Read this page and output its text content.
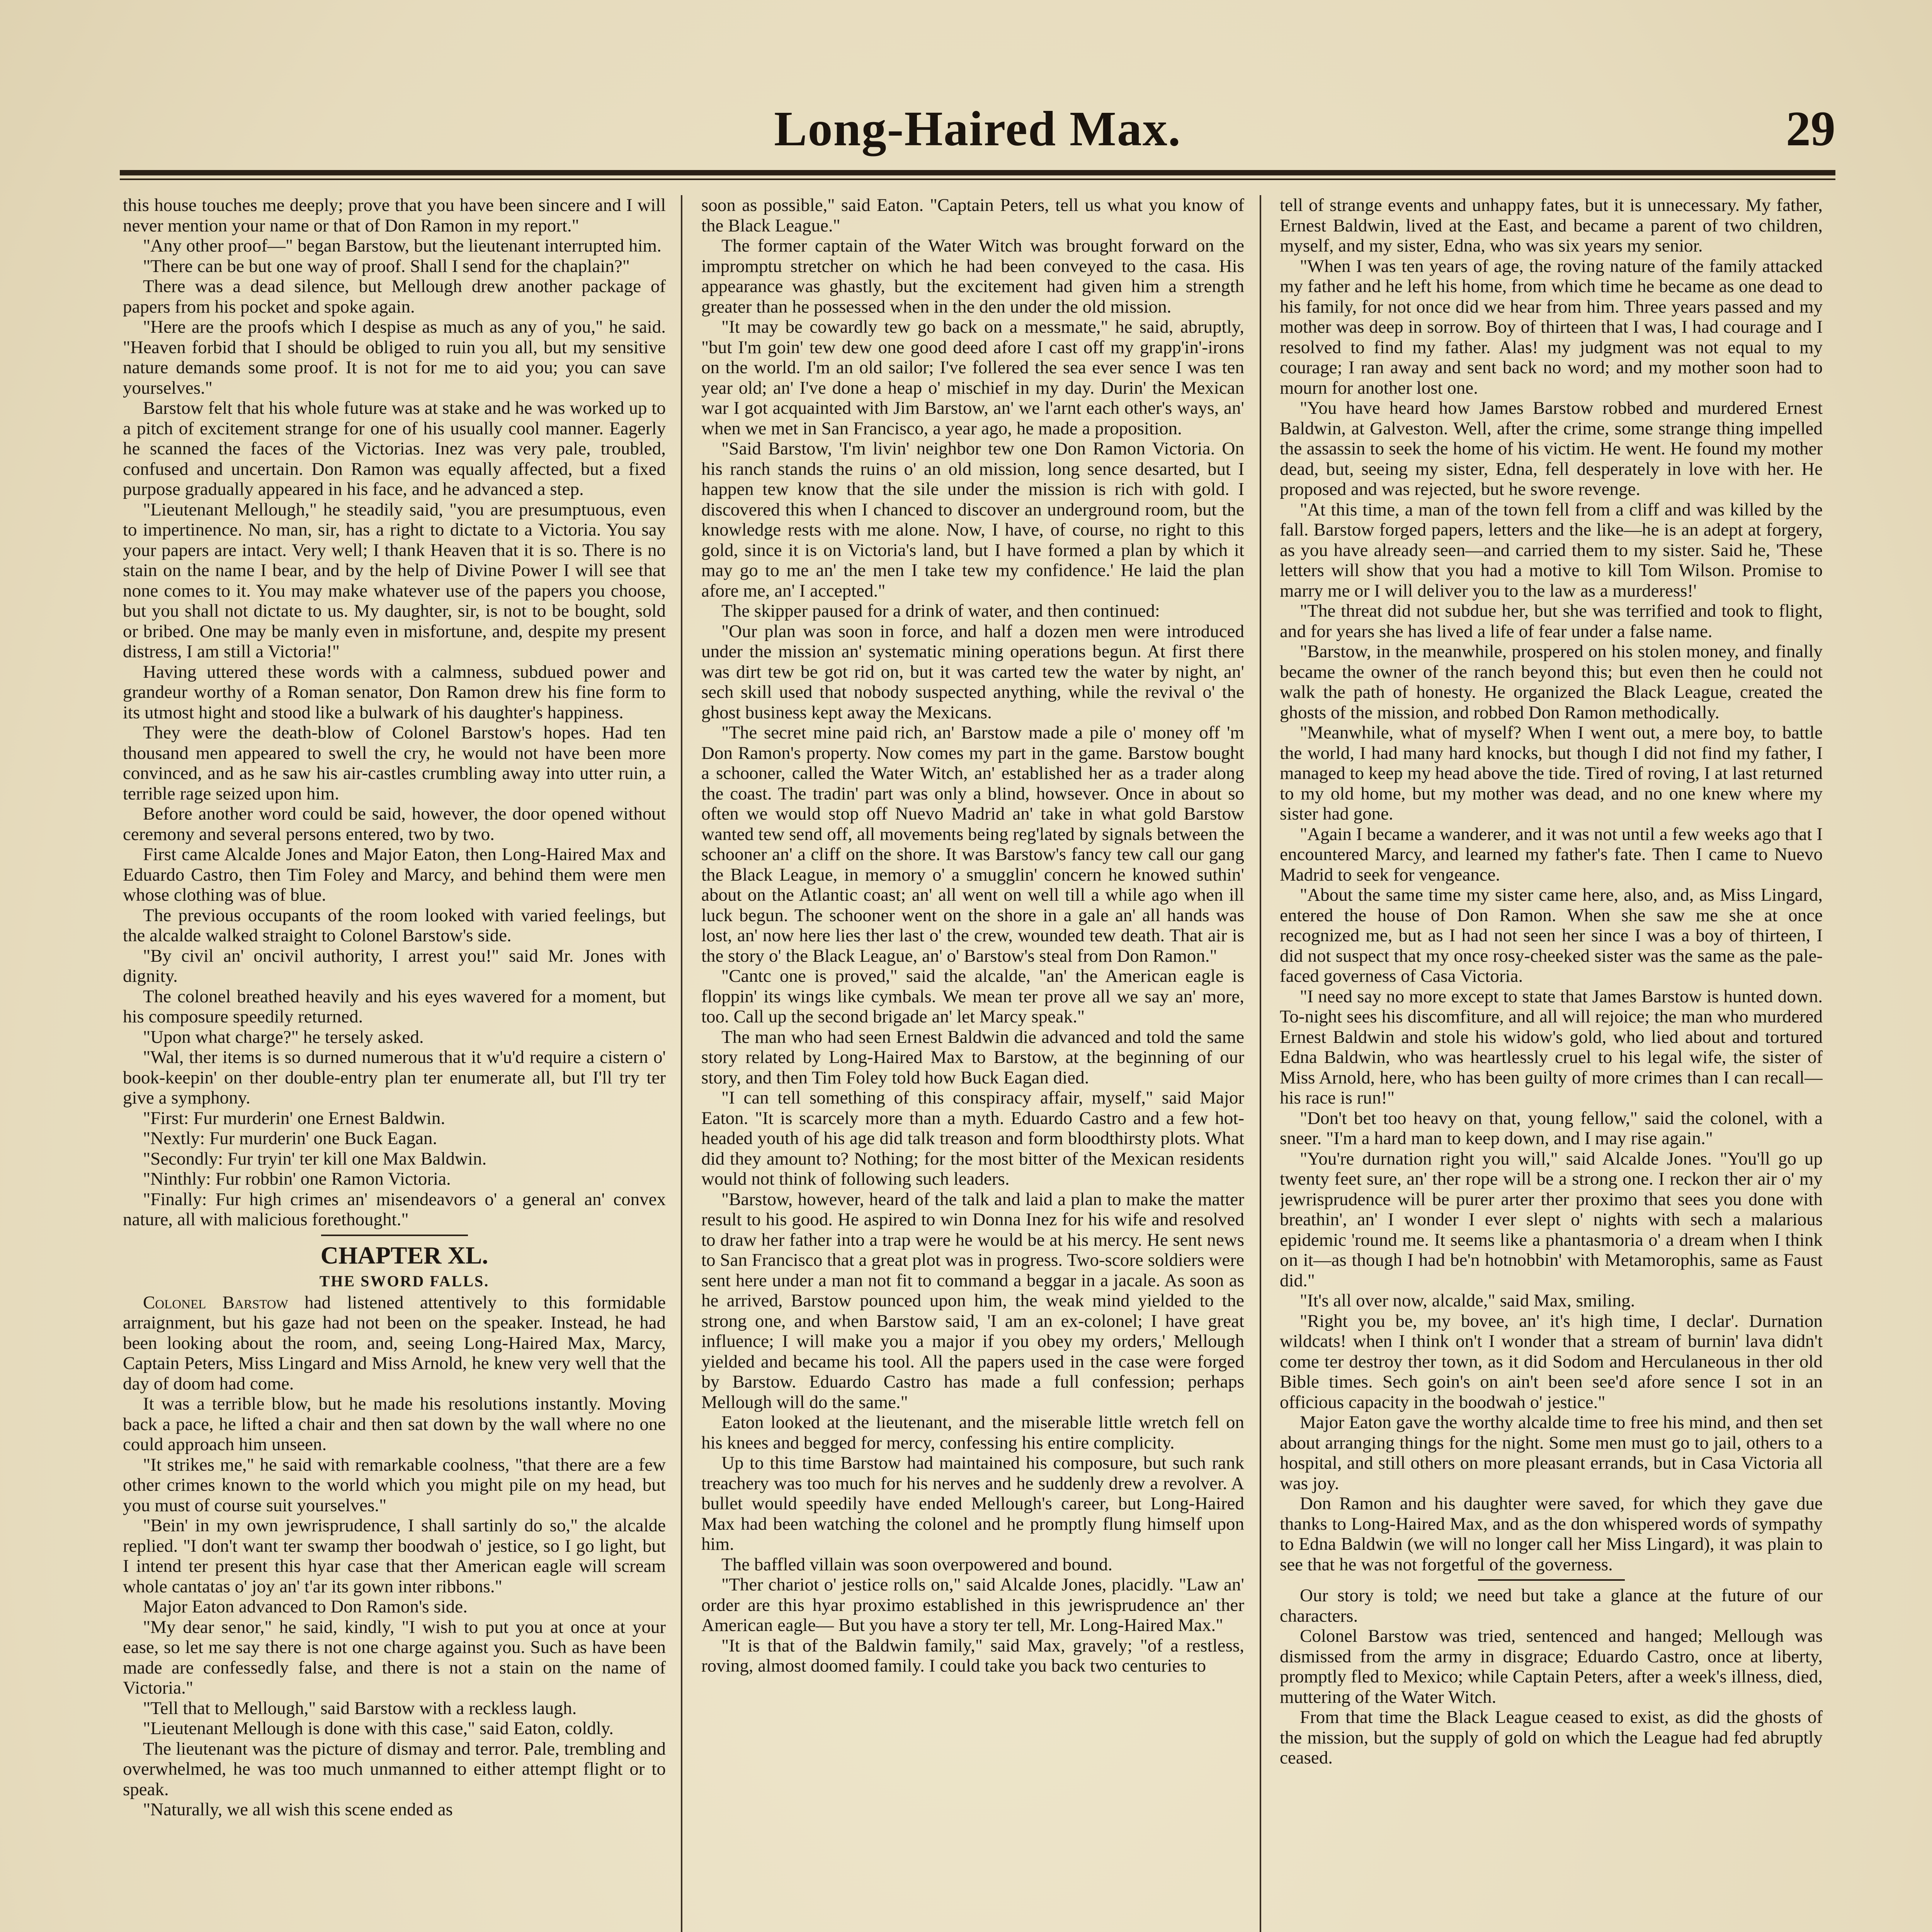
Long-Haired Max.	29

this house touches me deeply; prove that you have been sincere and I will never mention your name or that of Don Ramon in my report."

"Any other proof—" began Barstow, but the lieutenant interrupted him.

"There can be but one way of proof. Shall I send for the chaplain?"

There was a dead silence, but Mellough drew another package of papers from his pocket and spoke again.

"Here are the proofs which I despise as much as any of you," he said. "Heaven forbid that I should be obliged to ruin you all, but my sensitive nature demands some proof. It is not for me to aid you; you can save yourselves."

Barstow felt that his whole future was at stake and he was worked up to a pitch of excitement strange for one of his usually cool manner. Eagerly he scanned the faces of the Victorias. Inez was very pale, troubled, confused and uncertain. Don Ramon was equally affected, but a fixed purpose gradually appeared in his face, and he advanced a step.

"Lieutenant Mellough," he steadily said, "you are presumptuous, even to impertinence. No man, sir, has a right to dictate to a Victoria. You say your papers are intact. Very well; I thank Heaven that it is so. There is no stain on the name I bear, and by the help of Divine Power I will see that none comes to it. You may make whatever use of the papers you choose, but you shall not dictate to us. My daughter, sir, is not to be bought, sold or bribed. One may be manly even in misfortune, and, despite my present distress, I am still a Victoria!"

Having uttered these words with a calmness, subdued power and grandeur worthy of a Roman senator, Don Ramon drew his fine form to its utmost hight and stood like a bulwark of his daughter's happiness.

They were the death-blow of Colonel Barstow's hopes. Had ten thousand men appeared to swell the cry, he would not have been more convinced, and as he saw his air-castles crumbling away into utter ruin, a terrible rage seized upon him.

Before another word could be said, however, the door opened without ceremony and several persons entered, two by two.

First came Alcalde Jones and Major Eaton, then Long-Haired Max and Eduardo Castro, then Tim Foley and Marcy, and behind them were men whose clothing was of blue.

The previous occupants of the room looked with varied feelings, but the alcalde walked straight to Colonel Barstow's side.

"By civil an' oncivil authority, I arrest you!" said Mr. Jones with dignity.

The colonel breathed heavily and his eyes wavered for a moment, but his composure speedily returned.

"Upon what charge?" he tersely asked.

"Wal, ther items is so durned numerous that it w'u'd require a cistern o' book-keepin' on ther double-entry plan ter enumerate all, but I'll try ter give a symphony.

"First: Fur murderin' one Ernest Baldwin.

"Nextly: Fur murderin' one Buck Eagan.

"Secondly: Fur tryin' ter kill one Max Baldwin.

"Ninthly: Fur robbin' one Ramon Victoria.

"Finally: Fur high crimes an' misendeavors o' a general an' convex nature, all with malicious forethought."

CHAPTER XL.

THE SWORD FALLS.

Colonel Barstow had listened attentively to this formidable arraignment, but his gaze had not been on the speaker. Instead, he had been looking about the room, and, seeing Long-Haired Max, Marcy, Captain Peters, Miss Lingard and Miss Arnold, he knew very well that the day of doom had come.

It was a terrible blow, but he made his resolutions instantly. Moving back a pace, he lifted a chair and then sat down by the wall where no one could approach him unseen.

"It strikes me," he said with remarkable coolness, "that there are a few other crimes known to the world which you might pile on my head, but you must of course suit yourselves."

"Bein' in my own jewrisprudence, I shall sartinly do so," the alcalde replied. "I don't want ter swamp ther boodwah o' jestice, so I go light, but I intend ter present this hyar case that ther American eagle will scream whole cantatas o' joy an' t'ar its gown inter ribbons."

Major Eaton advanced to Don Ramon's side.

"My dear senor," he said, kindly, "I wish to put you at once at your ease, so let me say there is not one charge against you. Such as have been made are confessedly false, and there is not a stain on the name of Victoria."

"Tell that to Mellough," said Barstow with a reckless laugh.

"Lieutenant Mellough is done with this case," said Eaton, coldly.

The lieutenant was the picture of dismay and terror. Pale, trembling and overwhelmed, he was too much unmanned to either attempt flight or to speak.

"Naturally, we all wish this scene ended as

soon as possible," said Eaton. "Captain Peters, tell us what you know of the Black League."

The former captain of the Water Witch was brought forward on the impromptu stretcher on which he had been conveyed to the casa. His appearance was ghastly, but the excitement had given him a strength greater than he possessed when in the den under the old mission.

"It may be cowardly tew go back on a messmate," he said, abruptly, "but I'm goin' tew dew one good deed afore I cast off my grapp'in'-irons on the world. I'm an old sailor; I've follered the sea ever sence I was ten year old; an' I've done a heap o' mischief in my day. Durin' the Mexican war I got acquainted with Jim Barstow, an' we l'arnt each other's ways, an' when we met in San Francisco, a year ago, he made a proposition.

"Said Barstow, 'I'm livin' neighbor tew one Don Ramon Victoria. On his ranch stands the ruins o' an old mission, long sence desarted, but I happen tew know that the sile under the mission is rich with gold. I discovered this when I chanced to discover an underground room, but the knowledge rests with me alone. Now, I have, of course, no right to this gold, since it is on Victoria's land, but I have formed a plan by which it may go to me an' the men I take tew my confidence.' He laid the plan afore me, an' I accepted."

The skipper paused for a drink of water, and then continued:

"Our plan was soon in force, and half a dozen men were introduced under the mission an' systematic mining operations begun. At first there was dirt tew be got rid on, but it was carted tew the water by night, an' sech skill used that nobody suspected anything, while the revival o' the ghost business kept away the Mexicans.

"The secret mine paid rich, an' Barstow made a pile o' money off 'm Don Ramon's property. Now comes my part in the game. Barstow bought a schooner, called the Water Witch, an' established her as a trader along the coast. The tradin' part was only a blind, howsever. Once in about so often we would stop off Nuevo Madrid an' take in what gold Barstow wanted tew send off, all movements being reg'lated by signals between the schooner an' a cliff on the shore. It was Barstow's fancy tew call our gang the Black League, in memory o' a smugglin' concern he knowed suthin' about on the Atlantic coast; an' all went on well till a while ago when ill luck begun. The schooner went on the shore in a gale an' all hands was lost, an' now here lies ther last o' the crew, wounded tew death. That air is the story o' the Black League, an' o' Barstow's steal from Don Ramon."

"Cantc one is proved," said the alcalde, "an' the American eagle is floppin' its wings like cymbals. We mean ter prove all we say an' more, too. Call up the second brigade an' let Marcy speak."

The man who had seen Ernest Baldwin die advanced and told the same story related by Long-Haired Max to Barstow, at the beginning of our story, and then Tim Foley told how Buck Eagan died.

"I can tell something of this conspiracy affair, myself," said Major Eaton. "It is scarcely more than a myth. Eduardo Castro and a few hot-headed youth of his age did talk treason and form bloodthirsty plots. What did they amount to? Nothing; for the most bitter of the Mexican residents would not think of following such leaders.

"Barstow, however, heard of the talk and laid a plan to make the matter result to his good. He aspired to win Donna Inez for his wife and resolved to draw her father into a trap were he would be at his mercy. He sent news to San Francisco that a great plot was in progress. Two-score soldiers were sent here under a man not fit to command a beggar in a jacale. As soon as he arrived, Barstow pounced upon him, the weak mind yielded to the strong one, and when Barstow said, 'I am an ex-colonel; I have great influence; I will make you a major if you obey my orders,' Mellough yielded and became his tool. All the papers used in the case were forged by Barstow. Eduardo Castro has made a full confession; perhaps Mellough will do the same."

Eaton looked at the lieutenant, and the miserable little wretch fell on his knees and begged for mercy, confessing his entire complicity.

Up to this time Barstow had maintained his composure, but such rank treachery was too much for his nerves and he suddenly drew a revolver. A bullet would speedily have ended Mellough's career, but Long-Haired Max had been watching the colonel and he promptly flung himself upon him.

The baffled villain was soon overpowered and bound.

"Ther chariot o' jestice rolls on," said Alcalde Jones, placidly. "Law an' order are this hyar proximo established in this jewrisprudence an' ther American eagle— But you have a story ter tell, Mr. Long-Haired Max."

"It is that of the Baldwin family," said Max, gravely; "of a restless, roving, almost doomed family. I could take you back two centuries to

tell of strange events and unhappy fates, but it is unnecessary. My father, Ernest Baldwin, lived at the East, and became a parent of two children, myself, and my sister, Edna, who was six years my senior.

"When I was ten years of age, the roving nature of the family attacked my father and he left his home, from which time he became as one dead to his family, for not once did we hear from him. Three years passed and my mother was deep in sorrow. Boy of thirteen that I was, I had courage and I resolved to find my father. Alas! my judgment was not equal to my courage; I ran away and sent back no word; and my mother soon had to mourn for another lost one.

"You have heard how James Barstow robbed and murdered Ernest Baldwin, at Galveston. Well, after the crime, some strange thing impelled the assassin to seek the home of his victim. He went. He found my mother dead, but, seeing my sister, Edna, fell desperately in love with her. He proposed and was rejected, but he swore revenge.

"At this time, a man of the town fell from a cliff and was killed by the fall. Barstow forged papers, letters and the like—he is an adept at forgery, as you have already seen—and carried them to my sister. Said he, 'These letters will show that you had a motive to kill Tom Wilson. Promise to marry me or I will deliver you to the law as a murderess!'

"The threat did not subdue her, but she was terrified and took to flight, and for years she has lived a life of fear under a false name.

"Barstow, in the meanwhile, prospered on his stolen money, and finally became the owner of the ranch beyond this; but even then he could not walk the path of honesty. He organized the Black League, created the ghosts of the mission, and robbed Don Ramon methodically.

"Meanwhile, what of myself? When I went out, a mere boy, to battle the world, I had many hard knocks, but though I did not find my father, I managed to keep my head above the tide. Tired of roving, I at last returned to my old home, but my mother was dead, and no one knew where my sister had gone.

"Again I became a wanderer, and it was not until a few weeks ago that I encountered Marcy, and learned my father's fate. Then I came to Nuevo Madrid to seek for vengeance.

"About the same time my sister came here, also, and, as Miss Lingard, entered the house of Don Ramon. When she saw me she at once recognized me, but as I had not seen her since I was a boy of thirteen, I did not suspect that my once rosy-cheeked sister was the same as the pale-faced governess of Casa Victoria.

"I need say no more except to state that James Barstow is hunted down. To-night sees his discomfiture, and all will rejoice; the man who murdered Ernest Baldwin and stole his widow's gold, who lied about and tortured Edna Baldwin, who was heartlessly cruel to his legal wife, the sister of Miss Arnold, here, who has been guilty of more crimes than I can recall—his race is run!"

"Don't bet too heavy on that, young fellow," said the colonel, with a sneer. "I'm a hard man to keep down, and I may rise again."

"You're durnation right you will," said Alcalde Jones. "You'll go up twenty feet sure, an' ther rope will be a strong one. I reckon ther air o' my jewrisprudence will be purer arter ther proximo that sees you done with breathin', an' I wonder I ever slept o' nights with sech a malarious epidemic 'round me. It seems like a phantasmoria o' a dream when I think on it—as though I had be'n hotnobbin' with Metamorophis, same as Faust did."

"It's all over now, alcalde," said Max, smiling.

"Right you be, my bovee, an' it's high time, I declar'. Durnation wildcats! when I think on't I wonder that a stream of burnin' lava didn't come ter destroy ther town, as it did Sodom and Herculaneous in ther old Bible times. Sech goin's on ain't been see'd afore sence I sot in an officious capacity in the boodwah o' jestice."

Major Eaton gave the worthy alcalde time to free his mind, and then set about arranging things for the night. Some men must go to jail, others to a hospital, and still others on more pleasant errands, but in Casa Victoria all was joy.

Don Ramon and his daughter were saved, for which they gave due thanks to Long-Haired Max, and as the don whispered words of sympathy to Edna Baldwin (we will no longer call her Miss Lingard), it was plain to see that he was not forgetful of the governess.

Our story is told; we need but take a glance at the future of our characters.

Colonel Barstow was tried, sentenced and hanged; Mellough was dismissed from the army in disgrace; Eduardo Castro, once at liberty, promptly fled to Mexico; while Captain Peters, after a week's illness, died, muttering of the Water Witch.

From that time the Black League ceased to exist, as did the ghosts of the mission, but the supply of gold on which the League had fed abruptly ceased.
